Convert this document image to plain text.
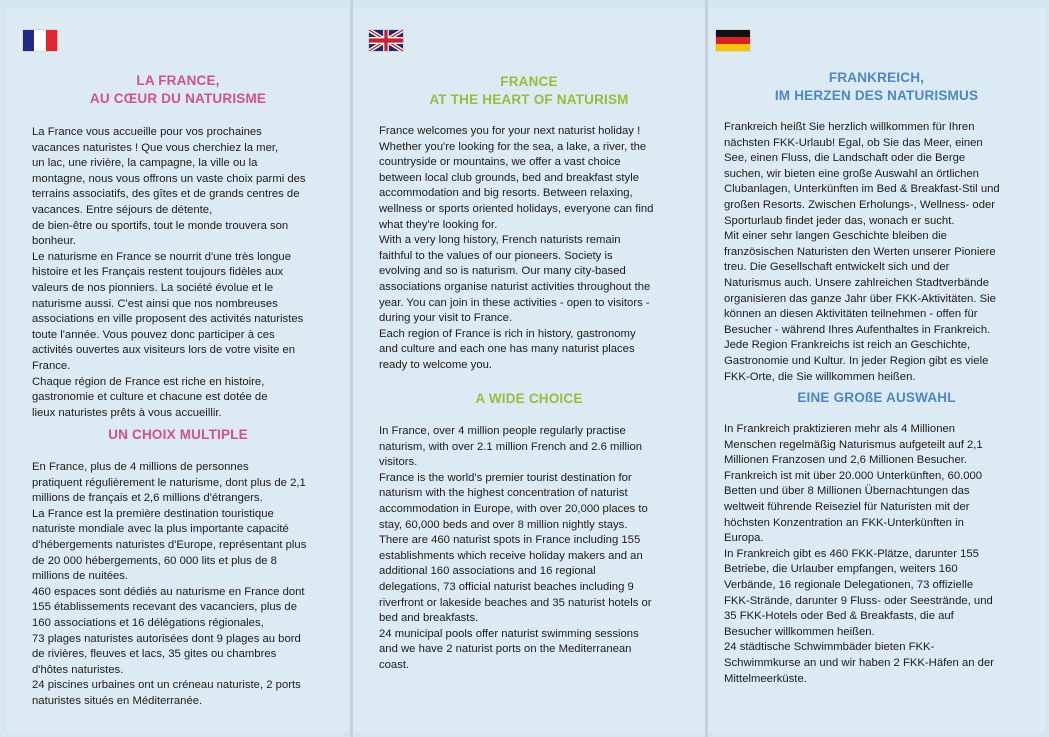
LA FRANCE,
AU CŒUR DU NATURISME

La France vous accueille pour vos prochaines
vacances naturistes ! Que vous cherchiez la mer,
un lac, une rivière, la campagne, la ville ou la
montagne, nous vous offrons un vaste choix parmi des
terrains associatifs, des gîtes et de grands centres de
vacances. Entre séjours de détente,
de bien-être ou sportifs, tout le monde trouvera son
bonheur.
Le naturisme en France se nourrit d'une très longue
histoire et les Français restent toujours fidèles aux
valeurs de nos pionniers. La société évolue et le
naturisme aussi. C'est ainsi que nos nombreuses
associations en ville proposent des activités naturistes
toute l'année. Vous pouvez donc participer à ces
activités ouvertes aux visiteurs lors de votre visite en
France.
Chaque région de France est riche en histoire,
gastronomie et culture et chacune est dotée de
lieux naturistes prêts à vous accueillir.

UN CHOIX MULTIPLE

En France, plus de 4 millions de personnes
pratiquent régulièrement le naturisme, dont plus de 2,1
millions de français et 2,6 millions d'étrangers.
La France est la première destination touristique
naturiste mondiale avec la plus importante capacité
d'hébergements naturistes d'Europe, représentant plus
de 20 000 hébergements, 60 000 lits et plus de 8
millions de nuitées.
460 espaces sont dédiés au naturisme en France dont
155 établissements recevant des vacanciers, plus de
160 associations et 16 délégations régionales,
73 plages naturistes autorisées dont 9 plages au bord
de rivières, fleuves et lacs, 35 gites ou chambres
d'hôtes naturistes.
24 piscines urbaines ont un créneau naturiste, 2 ports
naturistes situés en Méditerranée.

FRANCE
AT THE HEART OF NATURISM

France welcomes you for your next naturist holiday !
Whether you're looking for the sea, a lake, a river, the
countryside or mountains, we offer a vast choice
between local club grounds, bed and breakfast style
accommodation and big resorts. Between relaxing,
wellness or sports oriented holidays, everyone can find
what they're looking for.
With a very long history, French naturists remain
faithful to the values of our pioneers. Society is
evolving and so is naturism. Our many city-based
associations organise naturist activities throughout the
year. You can join in these activities - open to visitors -
during your visit to France.
Each region of France is rich in history, gastronomy
and culture and each one has many naturist places
ready to welcome you.

A WIDE CHOICE

In France, over 4 million people regularly practise
naturism, with over 2.1 million French and 2.6 million
visitors.
France is the world's premier tourist destination for
naturism with the highest concentration of naturist
accommodation in Europe, with over 20,000 places to
stay, 60,000 beds and over 8 million nightly stays.
There are 460 naturist spots in France including 155
establishments which receive holiday makers and an
additional 160 associations and 16 regional
delegations, 73 official naturist beaches including 9
riverfront or lakeside beaches and 35 naturist hotels or
bed and breakfasts.
24 municipal pools offer naturist swimming sessions
and we have 2 naturist ports on the Mediterranean
coast.

FRANKREICH,
IM HERZEN DES NATURISMUS

Frankreich heißt Sie herzlich willkommen für Ihren
nächsten FKK-Urlaub! Egal, ob Sie das Meer, einen
See, einen Fluss, die Landschaft oder die Berge
suchen, wir bieten eine große Auswahl an örtlichen
Clubanlagen, Unterkünften im Bed & Breakfast-Stil und
großen Resorts. Zwischen Erholungs-, Wellness- oder
Sporturlaub findet jeder das, wonach er sucht.
Mit einer sehr langen Geschichte bleiben die
französischen Naturisten den Werten unserer Pioniere
treu. Die Gesellschaft entwickelt sich und der
Naturismus auch. Unsere zahlreichen Stadtverbände
organisieren das ganze Jahr über FKK-Aktivitäten. Sie
können an diesen Aktivitäten teilnehmen - offen für
Besucher - während Ihres Aufenthaltes in Frankreich.
Jede Region Frankreichs ist reich an Geschichte,
Gastronomie und Kultur. In jeder Region gibt es viele
FKK-Orte, die Sie willkommen heißen.

EINE GROßE AUSWAHL

In Frankreich praktizieren mehr als 4 Millionen
Menschen regelmäßig Naturismus aufgeteilt auf 2,1
Millionen Franzosen und 2,6 Millionen Besucher.
Frankreich ist mit über 20.000 Unterkünften, 60.000
Betten und über 8 Millionen Übernachtungen das
weltweit führende Reiseziel für Naturisten mit der
höchsten Konzentration an FKK-Unterkünften in
Europa.
In Frankreich gibt es 460 FKK-Plätze, darunter 155
Betriebe, die Urlauber empfangen, weiters 160
Verbände, 16 regionale Delegationen, 73 offizielle
FKK-Strände, darunter 9 Fluss- oder Seestrände, und
35 FKK-Hotels oder Bed & Breakfasts, die auf
Besucher willkommen heißen.
24 städtische Schwimmbäder bieten FKK-
Schwimmkurse an und wir haben 2 FKK-Häfen an der
Mittelmeerküste.
